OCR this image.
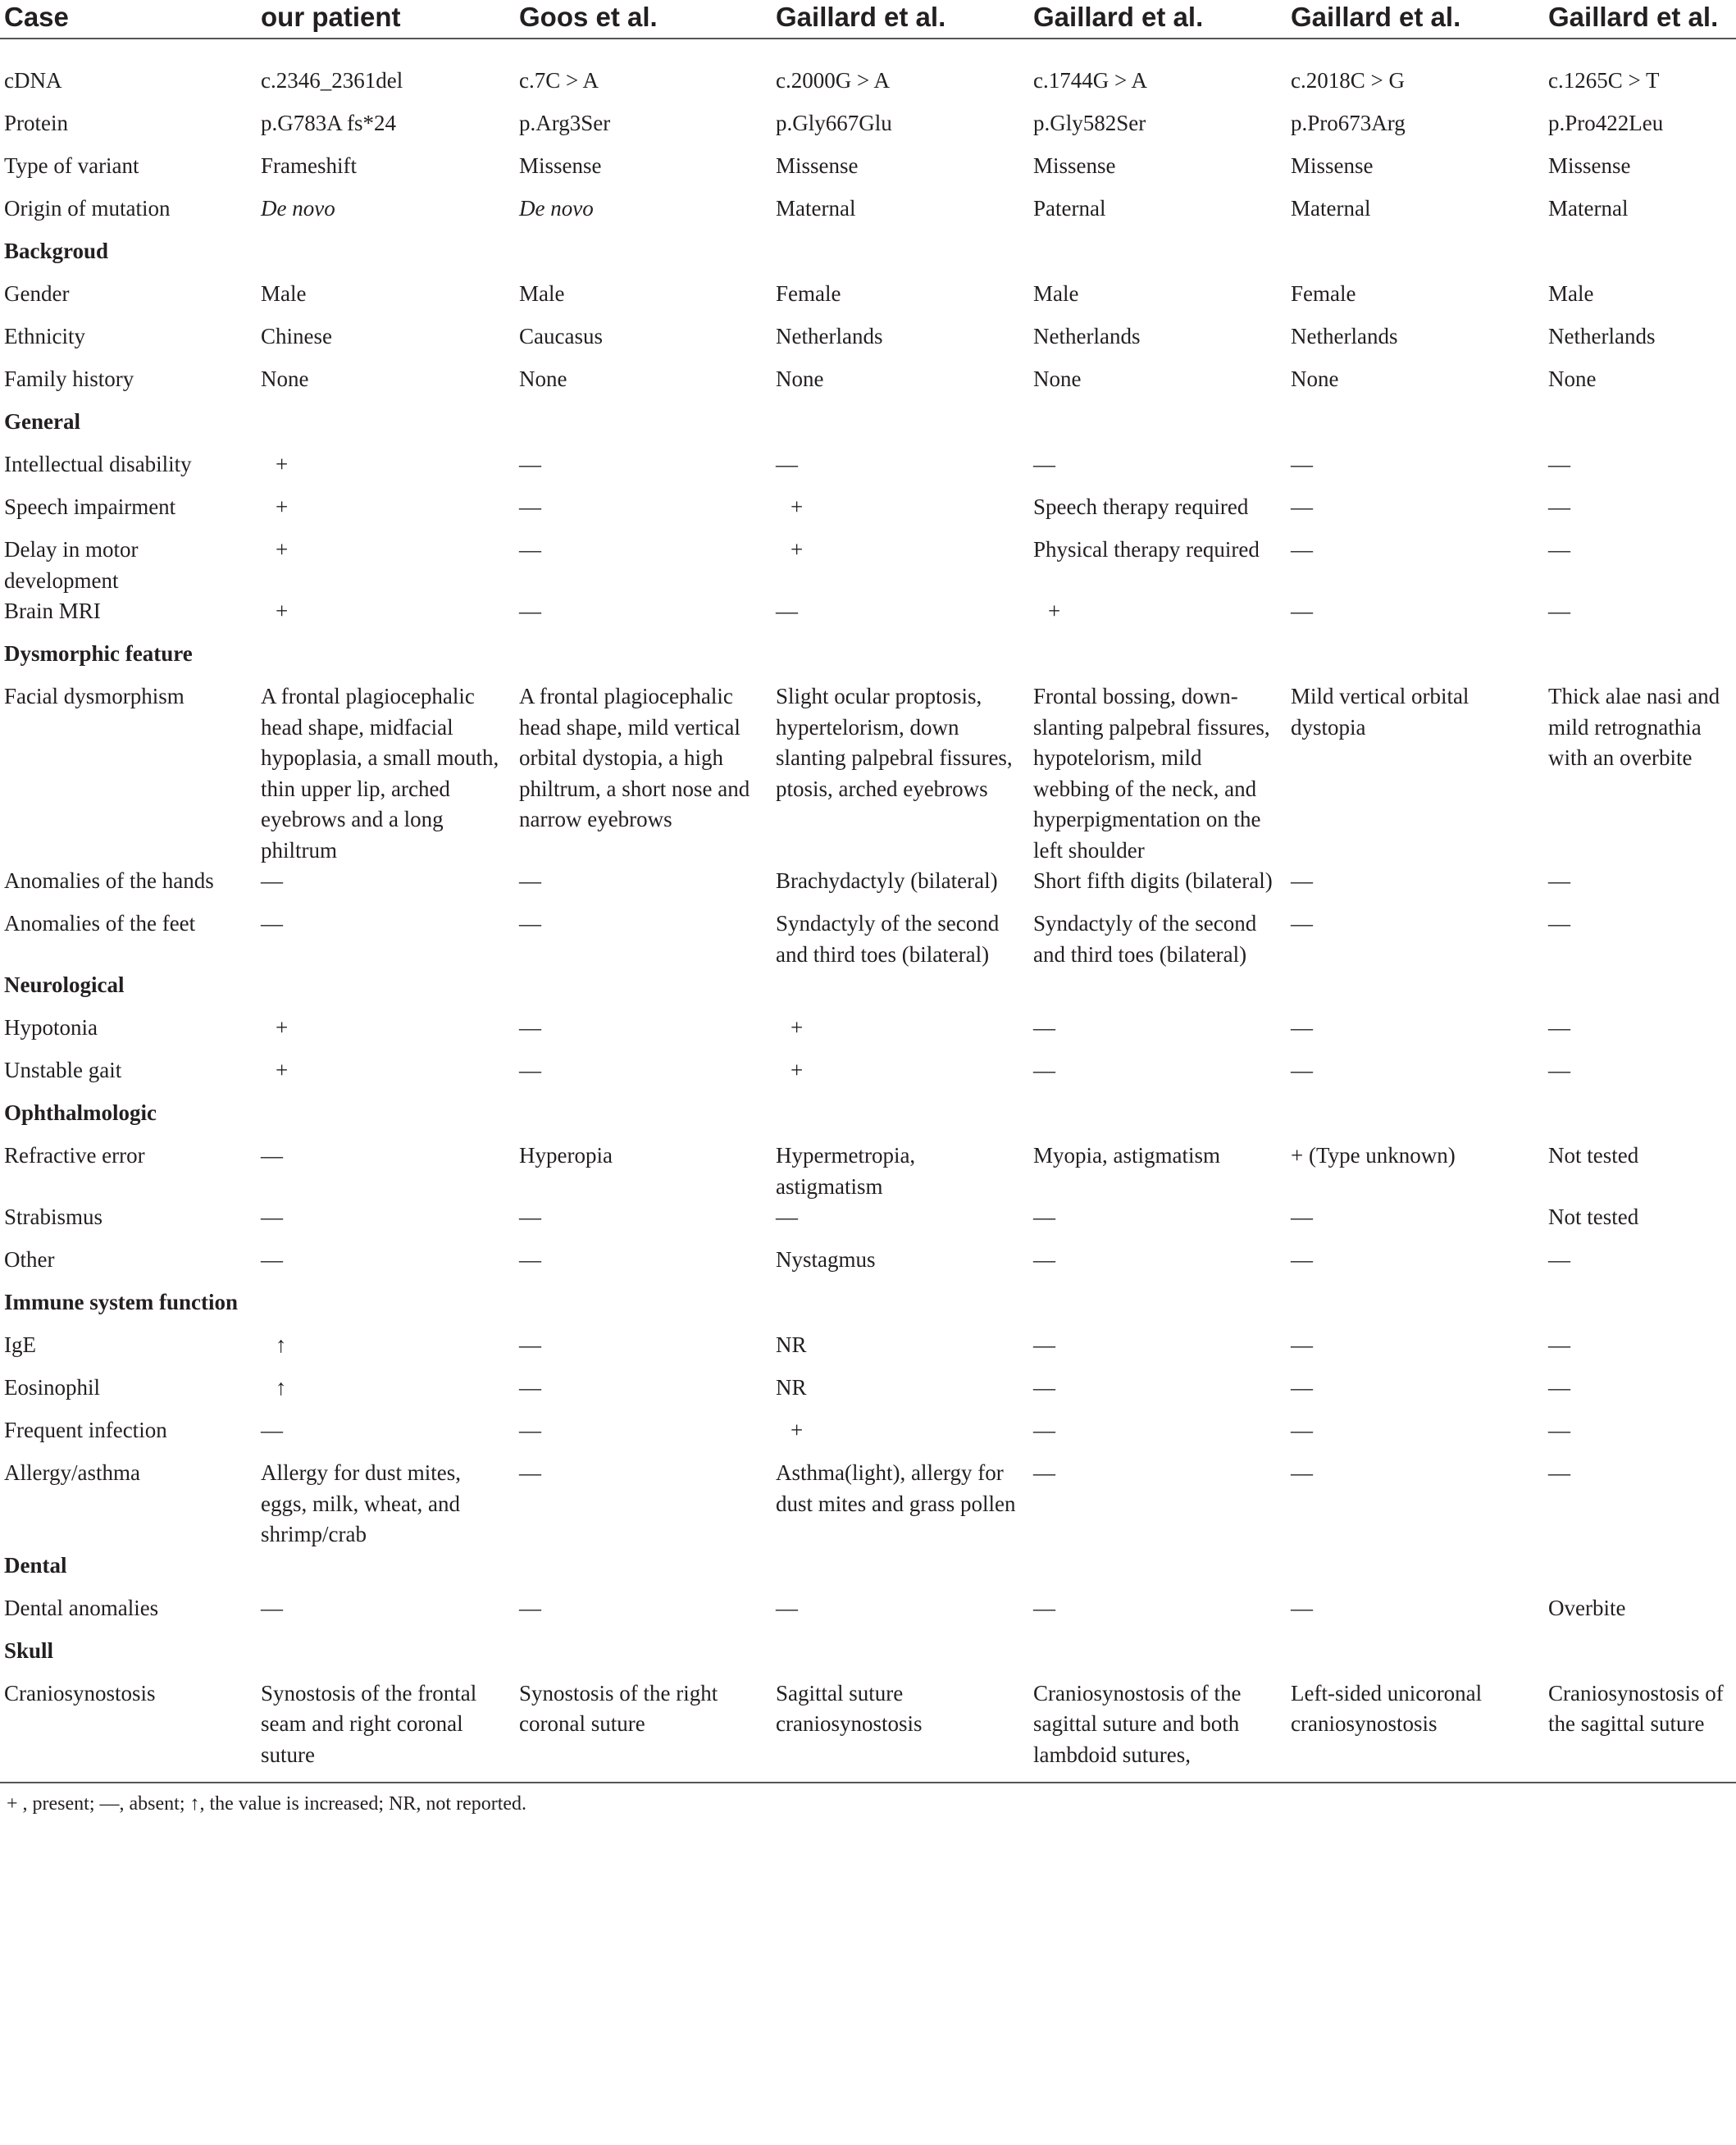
Case	our patient	Goos et al.	Gaillard et al.	Gaillard et al.	Gaillard et al.	Gaillard et al.
cDNA	c.2346_2361del	c.7C > A	c.2000G > A	c.1744G > A	c.2018C > G	c.1265C > T
Protein	p.G783A fs*24	p.Arg3Ser	p.Gly667Glu	p.Gly582Ser	p.Pro673Arg	p.Pro422Leu
Type of variant	Frameshift	Missense	Missense	Missense	Missense	Missense
Origin of mutation	De novo	De novo	Maternal	Paternal	Maternal	Maternal
Backgroud						
Gender	Male	Male	Female	Male	Female	Male
Ethnicity	Chinese	Caucasus	Netherlands	Netherlands	Netherlands	Netherlands
Family history	None	None	None	None	None	None
General						
Intellectual disability	+	—	—	—	—	—
Speech impairment	+	—	+	Speech therapy required	—	—
Delay in motor development	+	—	+	Physical therapy required	—	—
Brain MRI	+	—	—	+	—	—
Dysmorphic feature						
Facial dysmorphism	A frontal plagiocephalic head shape, midfacial hypoplasia, a small mouth, thin upper lip, arched eyebrows and a long philtrum	A frontal plagiocephalic head shape, mild vertical orbital dystopia, a high philtrum, a short nose and narrow eyebrows	Slight ocular proptosis, hypertelorism, down slanting palpebral fissures, ptosis, arched eyebrows	Frontal bossing, down-slanting palpebral fissures, hypotelorism, mild webbing of the neck, and hyperpigmentation on the left shoulder	Mild vertical orbital dystopia	Thick alae nasi and mild retrognathia with an overbite
Anomalies of the hands	—	—	Brachydactyly (bilateral)	Short fifth digits (bilateral)	—	—
Anomalies of the feet	—	—	Syndactyly of the second and third toes (bilateral)	Syndactyly of the second and third toes (bilateral)	—	—
Neurological						
Hypotonia	+	—	+	—	—	—
Unstable gait	+	—	+	—	—	—
Ophthalmologic						
Refractive error	—	Hyperopia	Hypermetropia, astigmatism	Myopia, astigmatism	+ (Type unknown)	Not tested
Strabismus	—	—	—	—	—	Not tested
Other	—	—	Nystagmus	—	—	—
Immune system function						
IgE	↑	—	NR	—	—	—
Eosinophil	↑	—	NR	—	—	—
Frequent infection	—	—	+	—	—	—
Allergy/asthma	Allergy for dust mites, eggs, milk, wheat, and shrimp/crab	—	Asthma(light), allergy for dust mites and grass pollen	—	—	—
Dental						
Dental anomalies	—	—	—	—	—	Overbite
Skull						
Craniosynostosis	Synostosis of the frontal seam and right coronal suture	Synostosis of the right coronal suture	Sagittal suture craniosynostosis	Craniosynostosis of the sagittal suture and both lambdoid sutures,	Left-sided unicoronal craniosynostosis	Craniosynostosis of the sagittal suture
+ , present; —, absent; ↑, the value is increased; NR, not reported.
